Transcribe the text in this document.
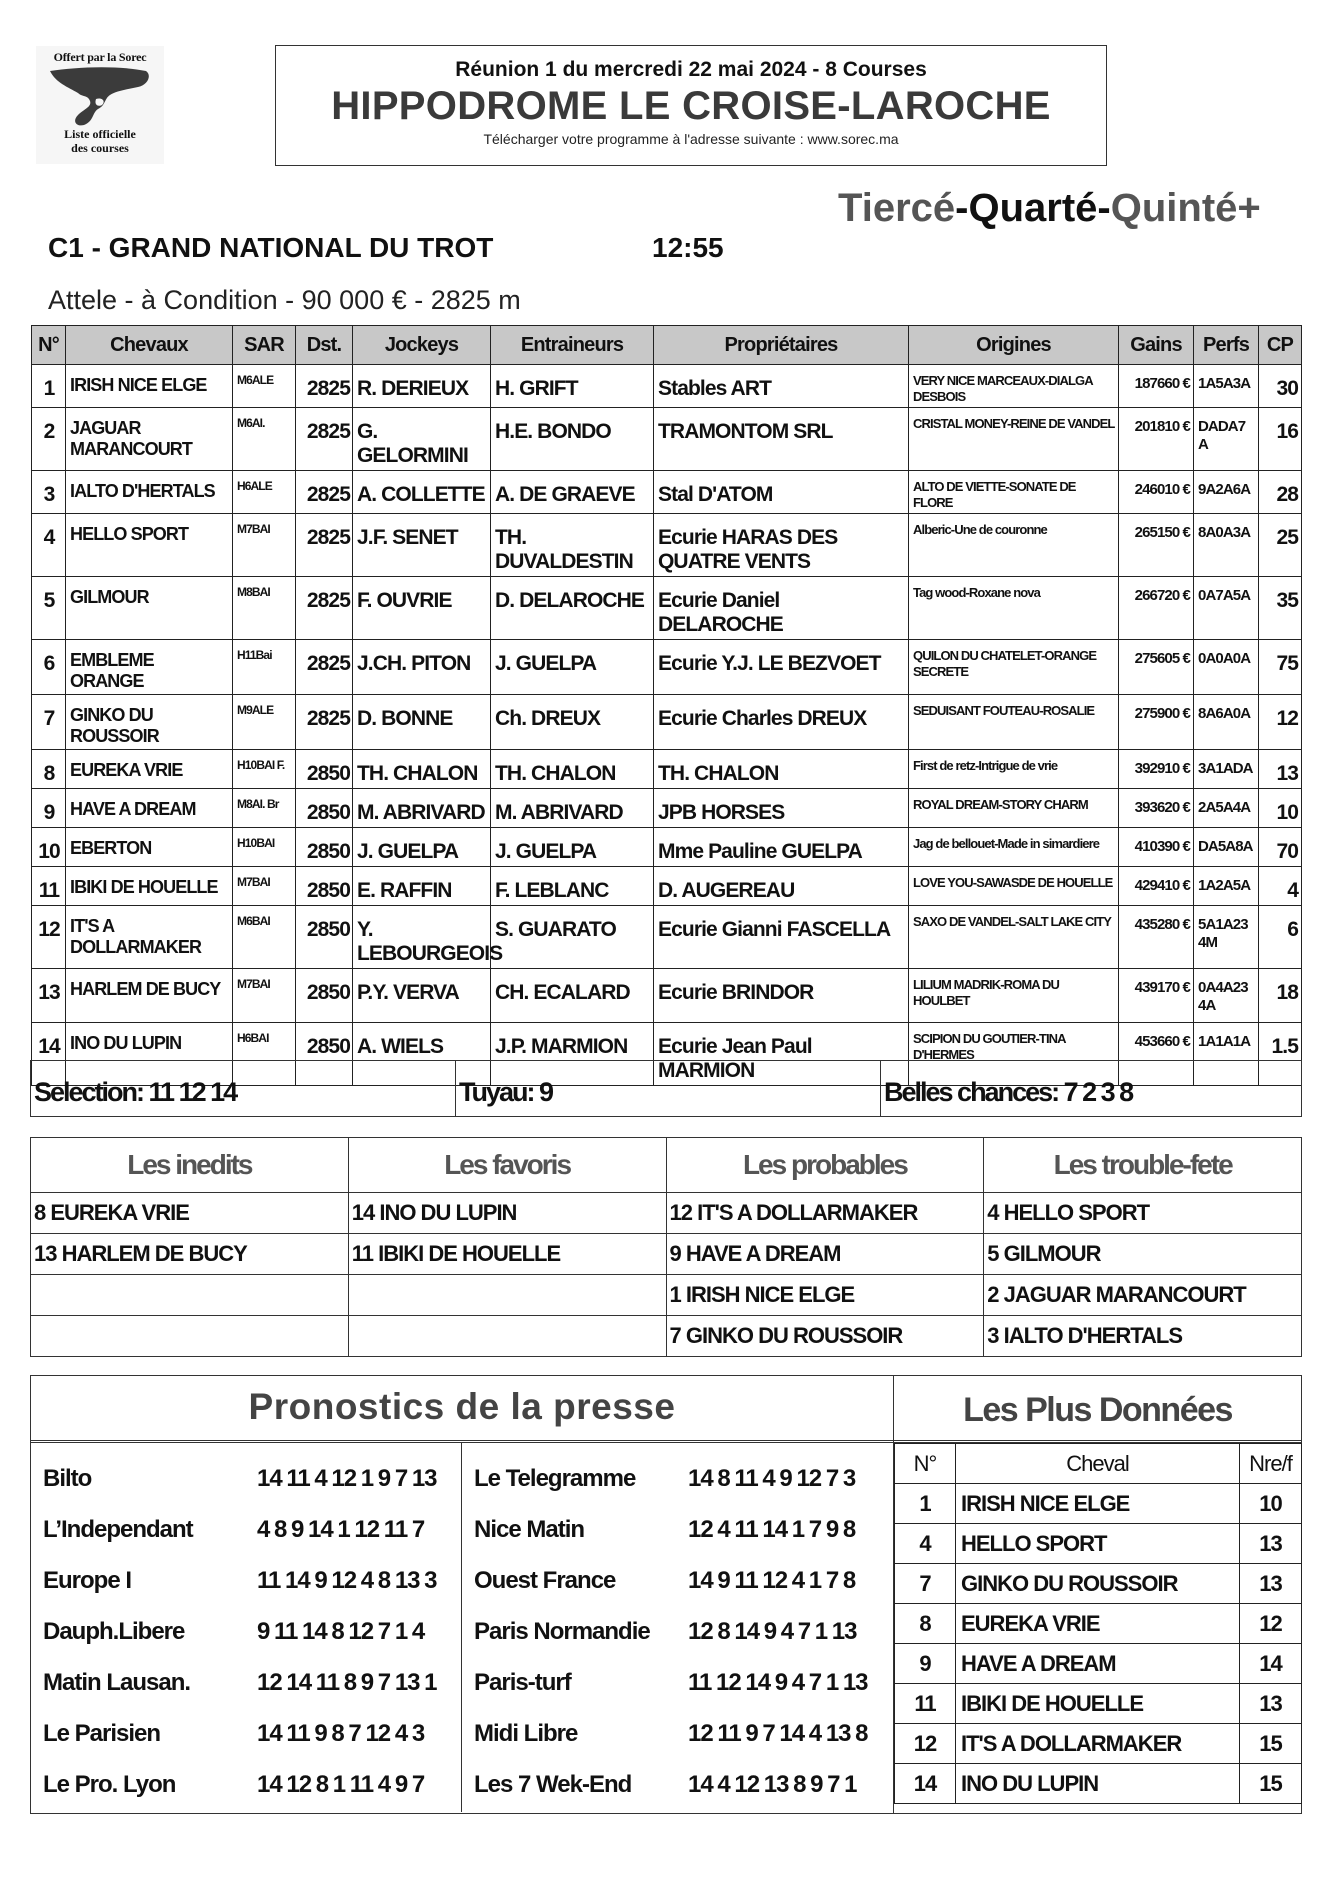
Offert par la Sorec
Liste officielle
des courses
Réunion 1 du mercredi 22 mai 2024 - 8 Courses
HIPPODROME LE CROISE-LAROCHE
Télécharger votre programme à l'adresse suivante : www.sorec.ma
Tiercé-Quarté-Quinté+
C1 - GRAND NATIONAL DU TROT	12:55
Attele - à Condition - 90 000 € - 2825 m
N°	Chevaux	SAR	Dst.	Jockeys	Entraineurs	Propriétaires	Origines	Gains	Perfs	CP
1	IRISH NICE ELGE	M6ALE	2825	R. DERIEUX	H. GRIFT	Stables ART	VERY NICE MARCEAUX-DIALGA DESBOIS	187660 €	1A5A3A	30
2	JAGUAR MARANCOURT	M6AI.	2825	G. GELORMINI	H.E. BONDO	TRAMONTOM SRL	CRISTAL MONEY-REINE DE VANDEL	201810 €	DADA7A	16
3	IALTO D'HERTALS	H6ALE	2825	A. COLLETTE	A. DE GRAEVE	Stal D'ATOM	ALTO DE VIETTE-SONATE DE FLORE	246010 €	9A2A6A	28
4	HELLO SPORT	M7BAI	2825	J.F. SENET	TH. DUVALDESTIN	Ecurie HARAS DES QUATRE VENTS	Alberic-Une de couronne	265150 €	8A0A3A	25
5	GILMOUR	M8BAI	2825	F. OUVRIE	D. DELAROCHE	Ecurie Daniel DELAROCHE	Tag wood-Roxane nova	266720 €	0A7A5A	35
6	EMBLEME ORANGE	H11Bai	2825	J.CH. PITON	J. GUELPA	Ecurie Y.J. LE BEZVOET	QUILON DU CHATELET-ORANGE SECRETE	275605 €	0A0A0A	75
7	GINKO DU ROUSSOIR	M9ALE	2825	D. BONNE	Ch. DREUX	Ecurie Charles DREUX	SEDUISANT FOUTEAU-ROSALIE	275900 €	8A6A0A	12
8	EUREKA VRIE	H10BAI F.	2850	TH. CHALON	TH. CHALON	TH. CHALON	First de retz-Intrigue de vrie	392910 €	3A1ADA	13
9	HAVE A DREAM	M8AI. Br	2850	M. ABRIVARD	M. ABRIVARD	JPB HORSES	ROYAL DREAM-STORY CHARM	393620 €	2A5A4A	10
10	EBERTON	H10BAI	2850	J. GUELPA	J. GUELPA	Mme Pauline GUELPA	Jag de bellouet-Made in simardiere	410390 €	DA5A8A	70
11	IBIKI DE HOUELLE	M7BAI	2850	E. RAFFIN	F. LEBLANC	D. AUGEREAU	LOVE YOU-SAWASDE DE HOUELLE	429410 €	1A2A5A	4
12	IT'S A DOLLARMAKER	M6BAI	2850	Y. LEBOURGEOIS	S. GUARATO	Ecurie Gianni FASCELLA	SAXO DE VANDEL-SALT LAKE CITY	435280 €	5A1A234M	6
13	HARLEM DE BUCY	M7BAI	2850	P.Y. VERVA	CH. ECALARD	Ecurie BRINDOR	LILIUM MADRIK-ROMA DU HOULBET	439170 €	0A4A234A	18
14	INO DU LUPIN	H6BAI	2850	A. WIELS	J.P. MARMION	Ecurie Jean Paul MARMION	SCIPION DU GOUTIER-TINA D'HERMES	453660 €	1A1A1A	1.5
Selection: 11 12 14	Tuyau: 9	Belles chances: 7 2 3 8
Les inedits	Les favoris	Les probables	Les trouble-fete
8 EUREKA VRIE	14 INO DU LUPIN	12 IT'S A DOLLARMAKER	4 HELLO SPORT
13 HARLEM DE BUCY	11 IBIKI DE HOUELLE	9 HAVE A DREAM	5 GILMOUR
		1 IRISH NICE ELGE	2 JAGUAR MARANCOURT
		7 GINKO DU ROUSSOIR	3 IALTO D'HERTALS
Pronostics de la presse
Bilto	14 11 4 12 1 9 7 13
L’Independant	4 8 9 14 1 12 11 7
Europe I	11 14 9 12 4 8 13 3
Dauph.Libere	9 11 14 8 12 7 1 4
Matin Lausan.	12 14 11 8 9 7 13 1
Le Parisien	14 11 9 8 7 12 4 3
Le Pro. Lyon	14 12 8 1 11 4 9 7
Le Telegramme	14 8 11 4 9 12 7 3
Nice Matin	12 4 11 14 1 7 9 8
Ouest France	14 9 11 12 4 1 7 8
Paris Normandie	12 8 14 9 4 7 1 13
Paris-turf	11 12 14 9 4 7 1 13
Midi Libre	12 11 9 7 14 4 13 8
Les 7 Wek-End	14 4 12 13 8 9 7 1
Les Plus Données
N°	Cheval	Nre/f
1	IRISH NICE ELGE	10
4	HELLO SPORT	13
7	GINKO DU ROUSSOIR	13
8	EUREKA VRIE	12
9	HAVE A DREAM	14
11	IBIKI DE HOUELLE	13
12	IT'S A DOLLARMAKER	15
14	INO DU LUPIN	15
